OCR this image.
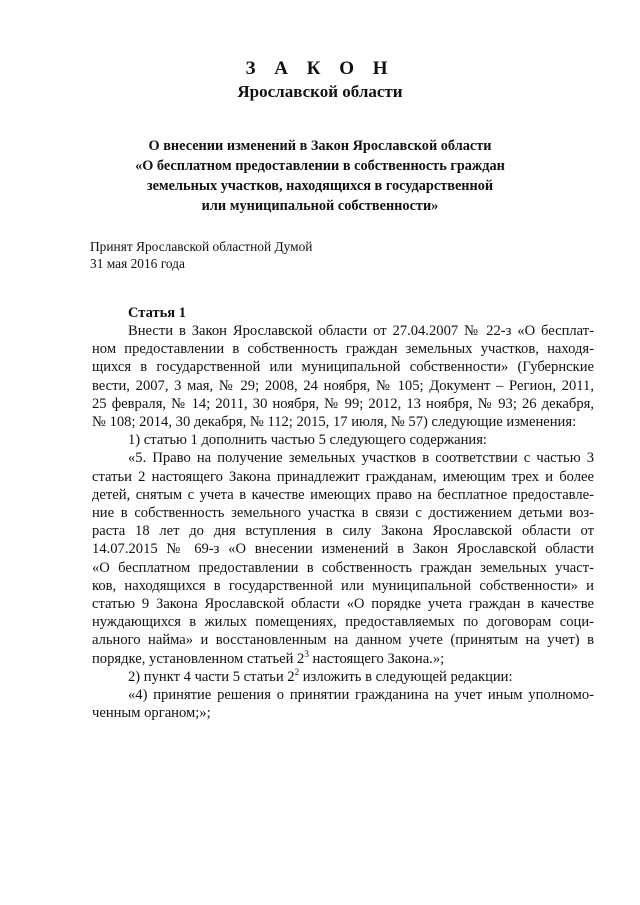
З А К О Н
Ярославской области
О внесении изменений в Закон Ярославской области
«О бесплатном предоставлении в собственность граждан
земельных участков, находящихся в государственной
или муниципальной собственности»
Принят Ярославской областной Думой
31 мая 2016 года
Статья 1

Внести в Закон Ярославской области от 27.04.2007 № 22-з «О бесплат-

ном предоставлении в собственность граждан земельных участков, находя-

щихся в государственной или муниципальной собственности» (Губернские

вести, 2007, 3 мая, № 29; 2008, 24 ноября, № 105; Документ – Регион, 2011,

25 февраля, № 14; 2011, 30 ноября, № 99; 2012, 13 ноября, № 93; 26 декабря,

№ 108; 2014, 30 декабря, № 112; 2015, 17 июля, № 57) следующие изменения:

1) статью 1 дополнить частью 5 следующего содержания:

«5. Право на получение земельных участков в соответствии с частью 3

статьи 2 настоящего Закона принадлежит гражданам, имеющим трех и более

детей, снятым с учета в качестве имеющих право на бесплатное предоставле-

ние в собственность земельного участка в связи с достижением детьми воз-

раста 18 лет до дня вступления в силу Закона Ярославской области от

14.07.2015 № 69-з «О внесении изменений в Закон Ярославской области

«О бесплатном предоставлении в собственность граждан земельных участ-

ков, находящихся в государственной или муниципальной собственности» и

статью 9 Закона Ярославской области «О порядке учета граждан в качестве

нуждающихся в жилых помещениях, предоставляемых по договорам соци-

ального найма» и восстановленным на данном учете (принятым на учет) в

порядке, установленном статьей $2^3$ настоящего Закона.»;

2) пункт 4 части 5 статьи $2^2$ изложить в следующей редакции:

«4) принятие решения о принятии гражданина на учет иным уполномо-

ченным органом;»;
